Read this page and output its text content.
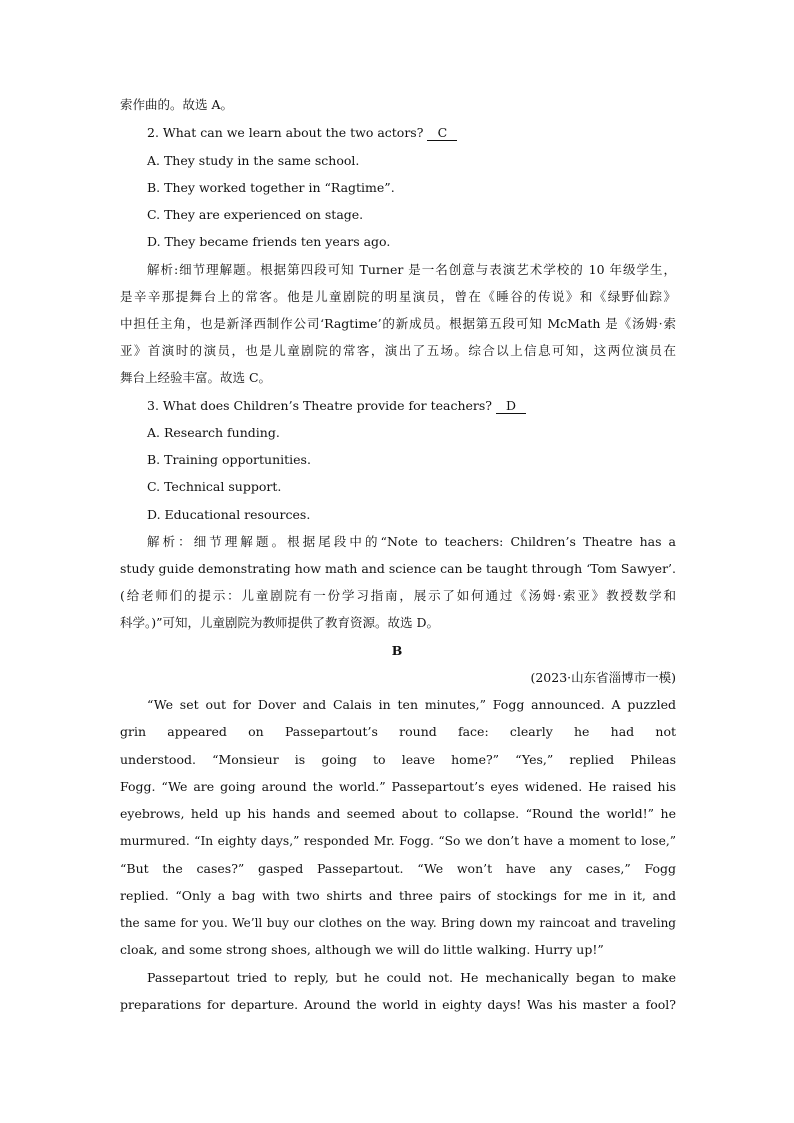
索作曲的。故选 A。
2. What can we learn about the two actors? C
A. They study in the same school.
B. They worked together in “Ragtime”.
C. They are experienced on stage.
D. They became friends ten years ago.
解析:细节理解题。根据第四段可知 Turner 是一名创意与表演艺术学校的 10 年级学生，
是辛辛那提舞台上的常客。他是儿童剧院的明星演员，曾在《睡谷的传说》和《绿野仙踪》
中担任主角，也是新泽西制作公司‘Ragtime’的新成员。根据第五段可知 McMath 是《汤姆·索
亚》首演时的演员，也是儿童剧院的常客，演出了五场。综合以上信息可知，这两位演员在
舞台上经验丰富。故选 C。
3. What does Children’s Theatre provide for teachers? D
A. Research funding.
B. Training opportunities.
C. Technical support.
D. Educational resources.
解析：细节理解题。根据尾段中的“Note to teachers: Children’s Theatre has a
study guide demonstrating how math and science can be taught through ‘Tom Sawyer’.
(给老师们的提示：儿童剧院有一份学习指南，展示了如何通过《汤姆·索亚》教授数学和
科学。)”可知，儿童剧院为教师提供了教育资源。故选 D。
B
(2023·山东省淄博市一模)
“We set out for Dover and Calais in ten minutes,” Fogg announced. A puzzled
grin appeared on Passepartout’s round face: clearly he had not
understood. “Monsieur is going to leave home?” “Yes,” replied Phileas
Fogg. “We are going around the world.” Passepartout’s eyes widened. He raised his
eyebrows, held up his hands and seemed about to collapse. “Round the world!” he
murmured. “In eighty days,” responded Mr. Fogg. “So we don’t have a moment to lose,”
“But the cases?” gasped Passepartout. “We won’t have any cases,” Fogg
replied. “Only a bag with two shirts and three pairs of stockings for me in it, and
the same for you. We’ll buy our clothes on the way. Bring down my raincoat and traveling
cloak, and some strong shoes, although we will do little walking. Hurry up!”
Passepartout tried to reply, but he could not. He mechanically began to make
preparations for departure. Around the world in eighty days! Was his master a fool?
